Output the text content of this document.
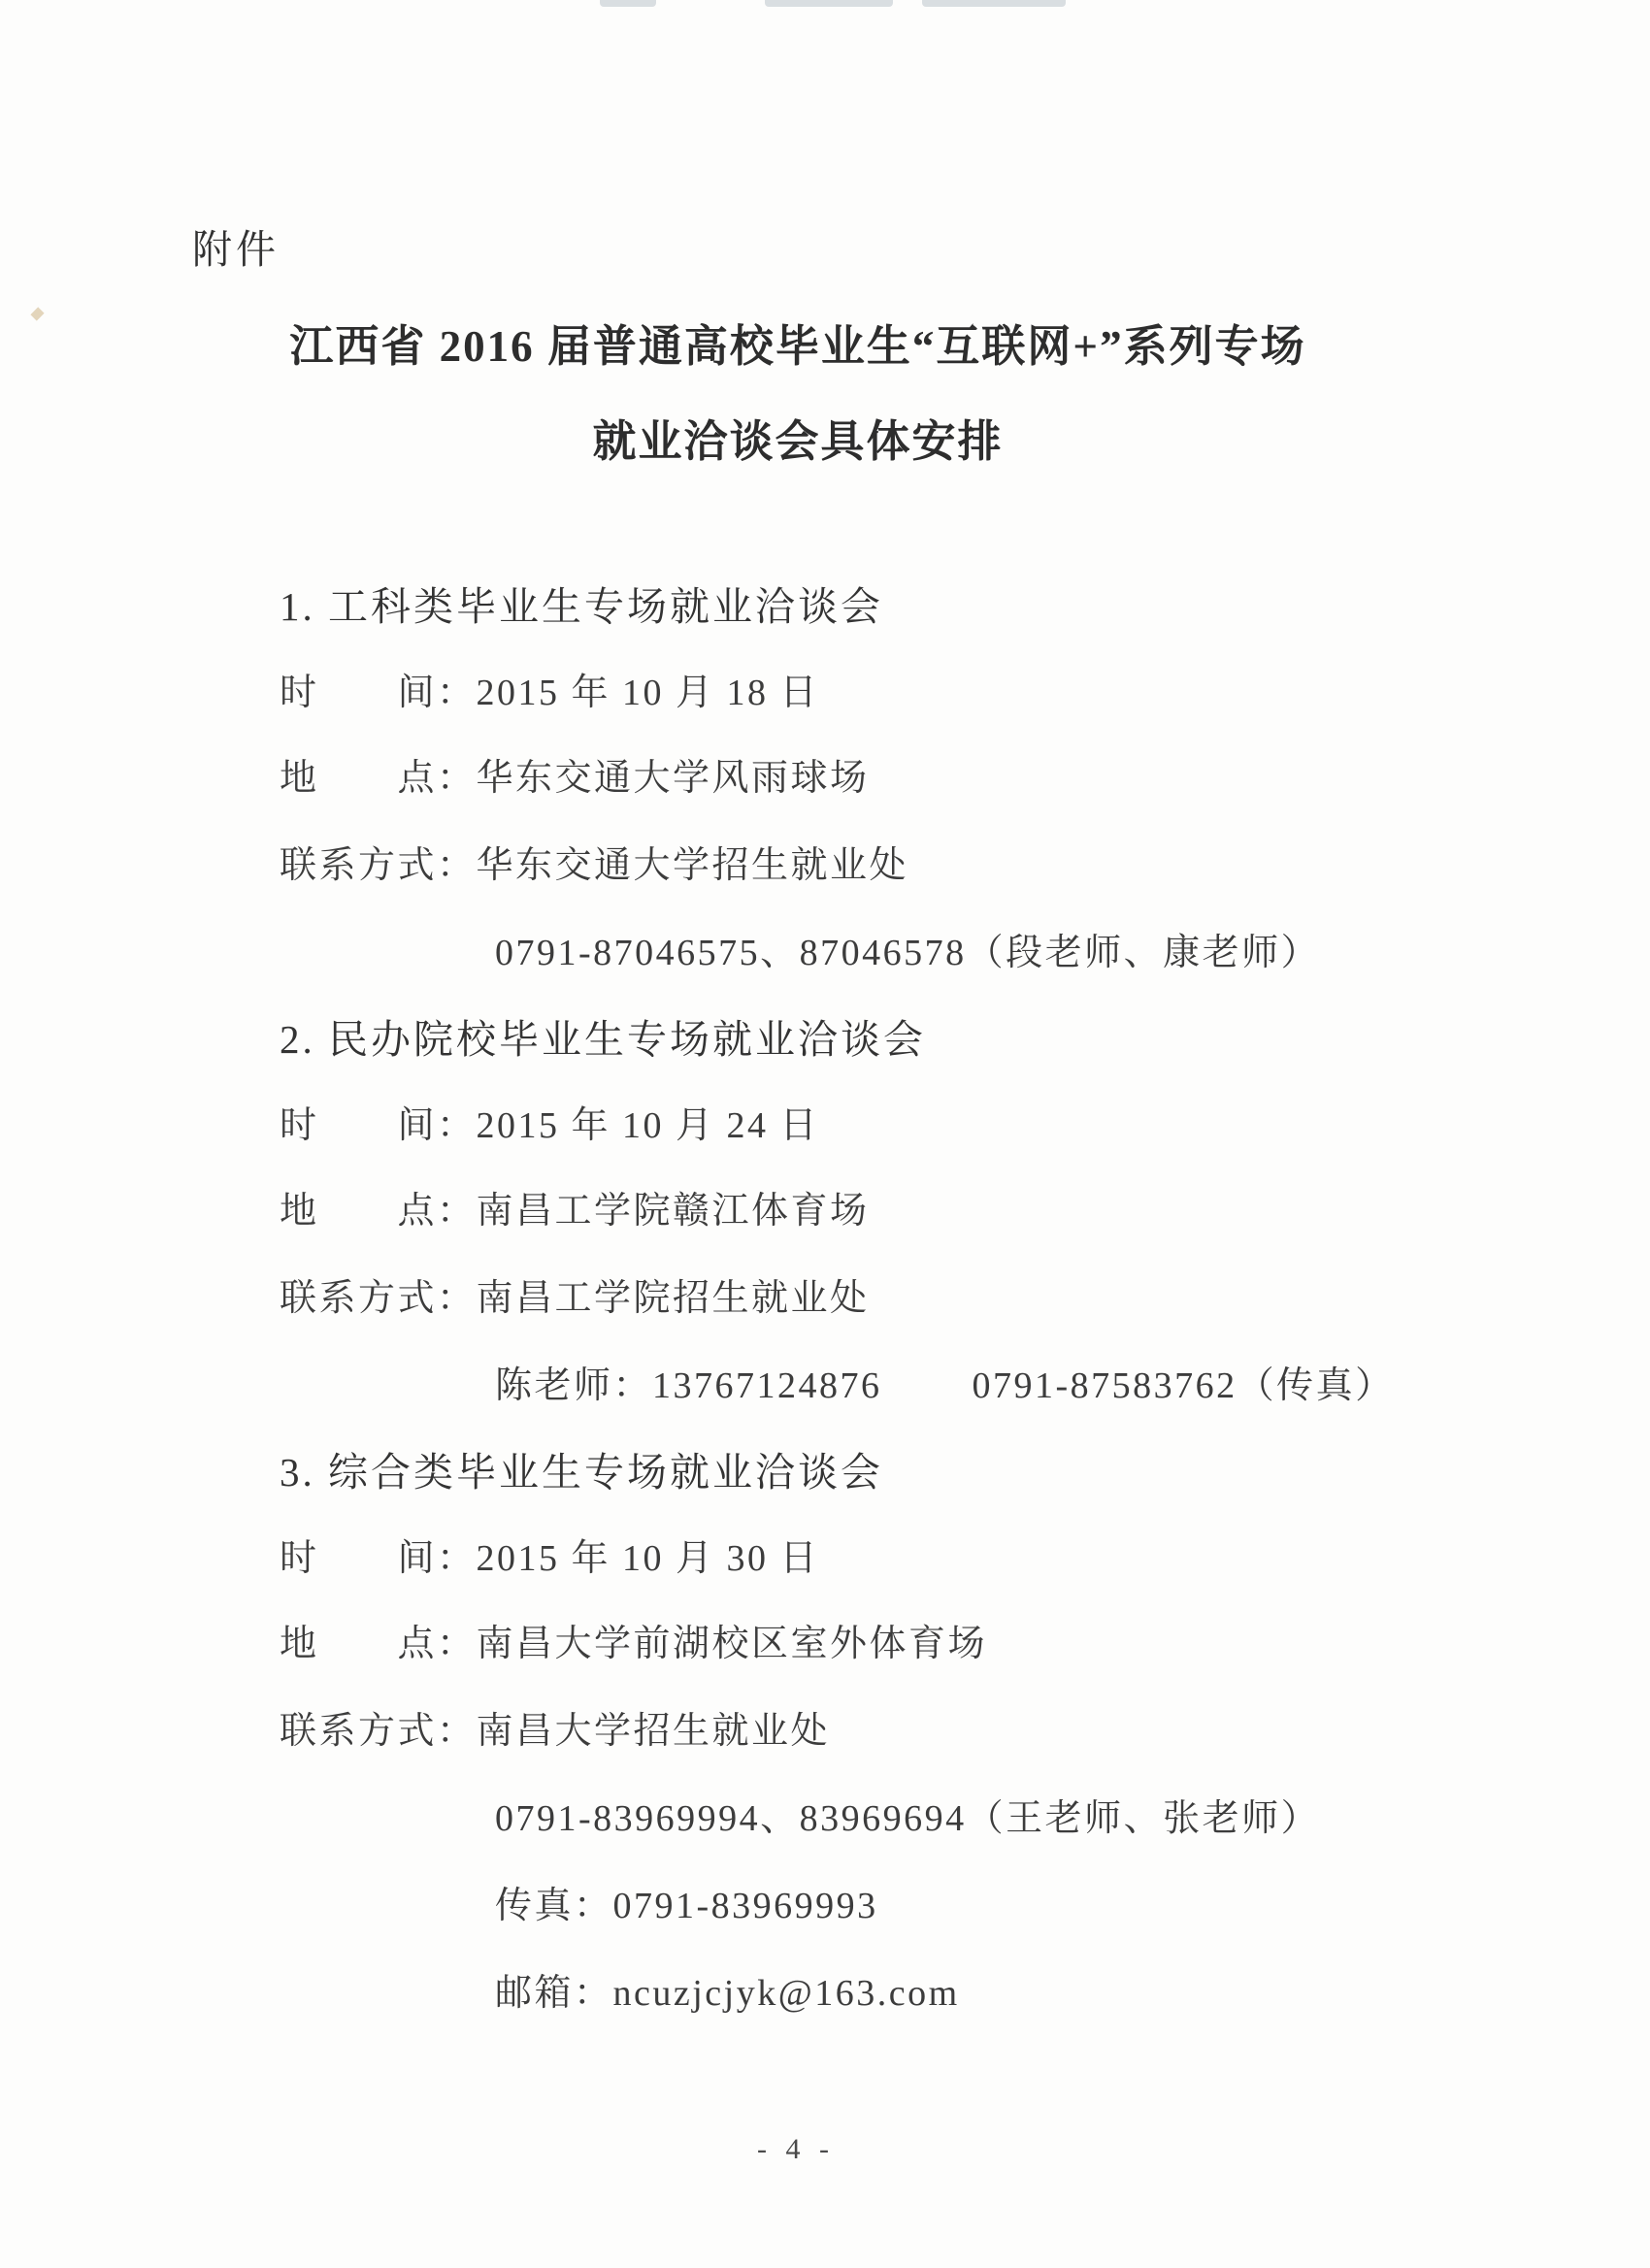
附件
江西省 2016 届普通高校毕业生“互联网+”系列专场
就业洽谈会具体安排
1. 工科类毕业生专场就业洽谈会
时　　间：2015 年 10 月 18 日
地　　点：华东交通大学风雨球场
联系方式：华东交通大学招生就业处
0791-87046575、87046578（段老师、康老师）
2. 民办院校毕业生专场就业洽谈会
时　　间：2015 年 10 月 24 日
地　　点：南昌工学院赣江体育场
联系方式：南昌工学院招生就业处
陈老师：13767124876　　 0791-87583762（传真）
3. 综合类毕业生专场就业洽谈会
时　　间：2015 年 10 月 30 日
地　　点：南昌大学前湖校区室外体育场
联系方式：南昌大学招生就业处
0791-83969994、83969694（王老师、张老师）
传真：0791-83969993
邮箱：ncuzjcjyk@163.com
- 4 -
